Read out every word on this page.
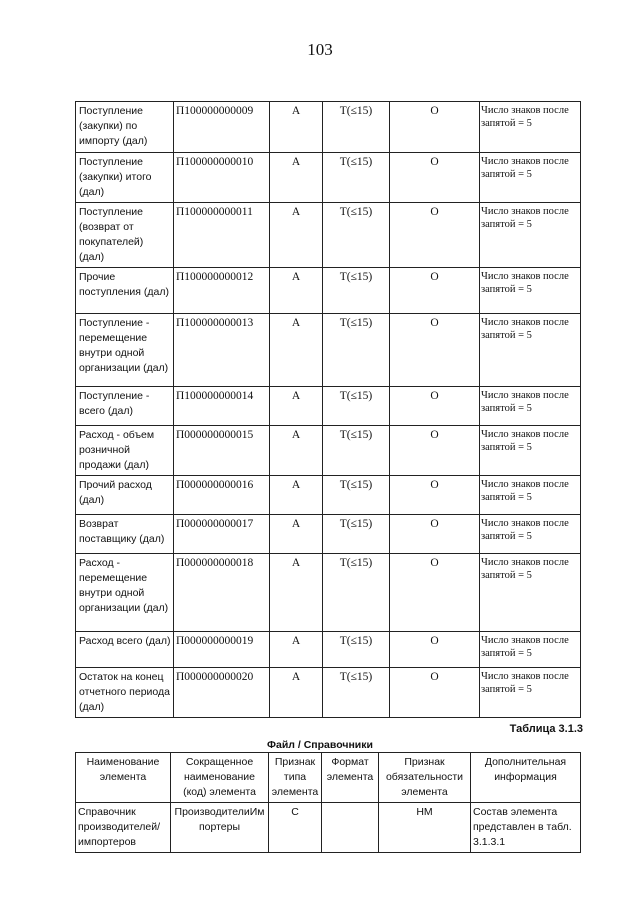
103
Поступление (закупки) по импорту (дал)	П100000000009	А	Т(≤15)	О	Число знаков после запятой = 5
Поступление (закупки) итого (дал)	П100000000010	А	Т(≤15)	О	Число знаков после запятой = 5
Поступление (возврат от покупателей) (дал)	П100000000011	А	Т(≤15)	О	Число знаков после запятой = 5
Прочие поступления (дал)	П100000000012	А	Т(≤15)	О	Число знаков после запятой = 5
Поступление - перемещение внутри одной организации (дал)	П100000000013	А	Т(≤15)	О	Число знаков после запятой = 5
Поступление - всего (дал)	П100000000014	А	Т(≤15)	О	Число знаков после запятой = 5
Расход - объем розничной продажи (дал)	П000000000015	А	Т(≤15)	О	Число знаков после запятой = 5
Прочий расход (дал)	П000000000016	А	Т(≤15)	О	Число знаков после запятой = 5
Возврат поставщику (дал)	П000000000017	А	Т(≤15)	О	Число знаков после запятой = 5
Расход - перемещение внутри одной организации (дал)	П000000000018	А	Т(≤15)	О	Число знаков после запятой = 5
Расход всего (дал)	П000000000019	А	Т(≤15)	О	Число знаков после запятой = 5
Остаток на конец отчетного периода (дал)	П000000000020	А	Т(≤15)	О	Число знаков после запятой = 5
Таблица 3.1.3
Файл / Справочники
Наименование элемента	Сокращенное наименование (код) элемента	Признак типа элемента	Формат элемента	Признак обязательности элемента	Дополнительная информация
Справочник производителей/ импортеров	ПроизводителиИмпортеры	С		НМ	Состав элемента представлен в табл. 3.1.3.1
